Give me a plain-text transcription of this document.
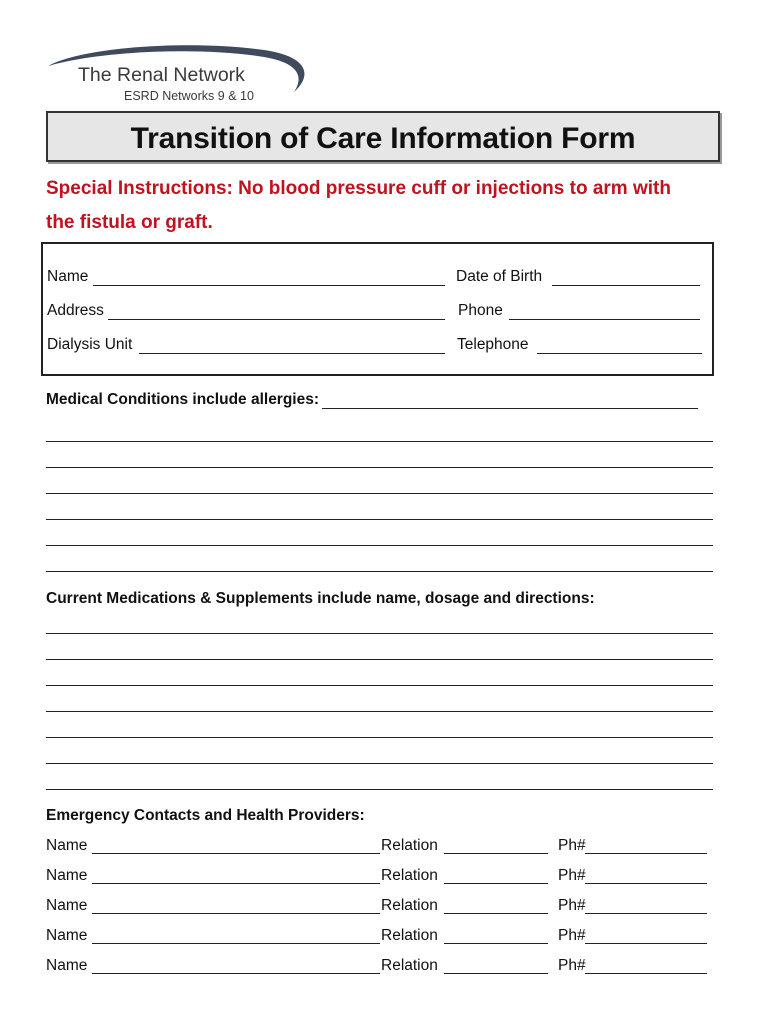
The Renal Network
ESRD Networks 9 & 10
Transition of Care Information Form
Special Instructions: No blood pressure cuff or injections to arm with
the fistula or graft.
Name	Date of Birth
Address	Phone
Dialysis Unit	Telephone
Medical Conditions include allergies:
Current Medications & Supplements include name, dosage and directions:
Emergency Contacts and Health Providers:
Name	Relation	Ph#
Name	Relation	Ph#
Name	Relation	Ph#
Name	Relation	Ph#
Name	Relation	Ph#
